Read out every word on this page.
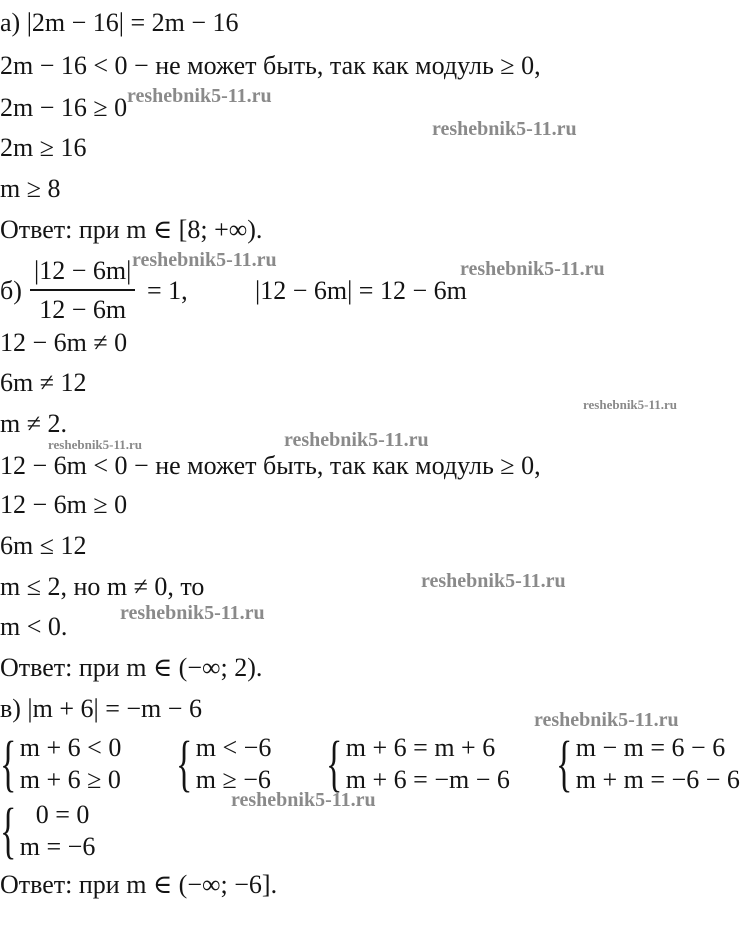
а) |2m − 16| = 2m − 16
2m − 16 < 0 − не может быть, так как модуль ≥ 0,
2m − 16 ≥ 0
2m ≥ 16
m ≥ 8
Ответ: при m ∈ [8; +∞).
б)
|12 − 6m|
12 − 6m
= 1,	|12 − 6m| = 12 − 6m
12 − 6m ≠ 0
6m ≠ 12
m ≠ 2.
12 − 6m < 0 − не может быть, так как модуль ≥ 0,
12 − 6m ≥ 0
6m ≤ 12
m ≤ 2, но m ≠ 0, то
m < 0.
Ответ: при m ∈ (−∞; 2).
в) |m + 6| = −m − 6
{ m + 6 < 0
m + 6 ≥ 0 { m < −6
m ≥ −6 { m + 6 = m + 6
m + 6 = −m − 6 { m − m = 6 − 6
m + m = −6 − 6
{ 0 = 0
m = −6
Ответ: при m ∈ (−∞; −6].
reshebnik5-11.ru
reshebnik5-11.ru
reshebnik5-11.ru	reshebnik5-11.ru
reshebnik5-11.ru
reshebnik5-11.ru	reshebnik5-11.ru
reshebnik5-11.ru
reshebnik5-11.ru
reshebnik5-11.ru
reshebnik5-11.ru
